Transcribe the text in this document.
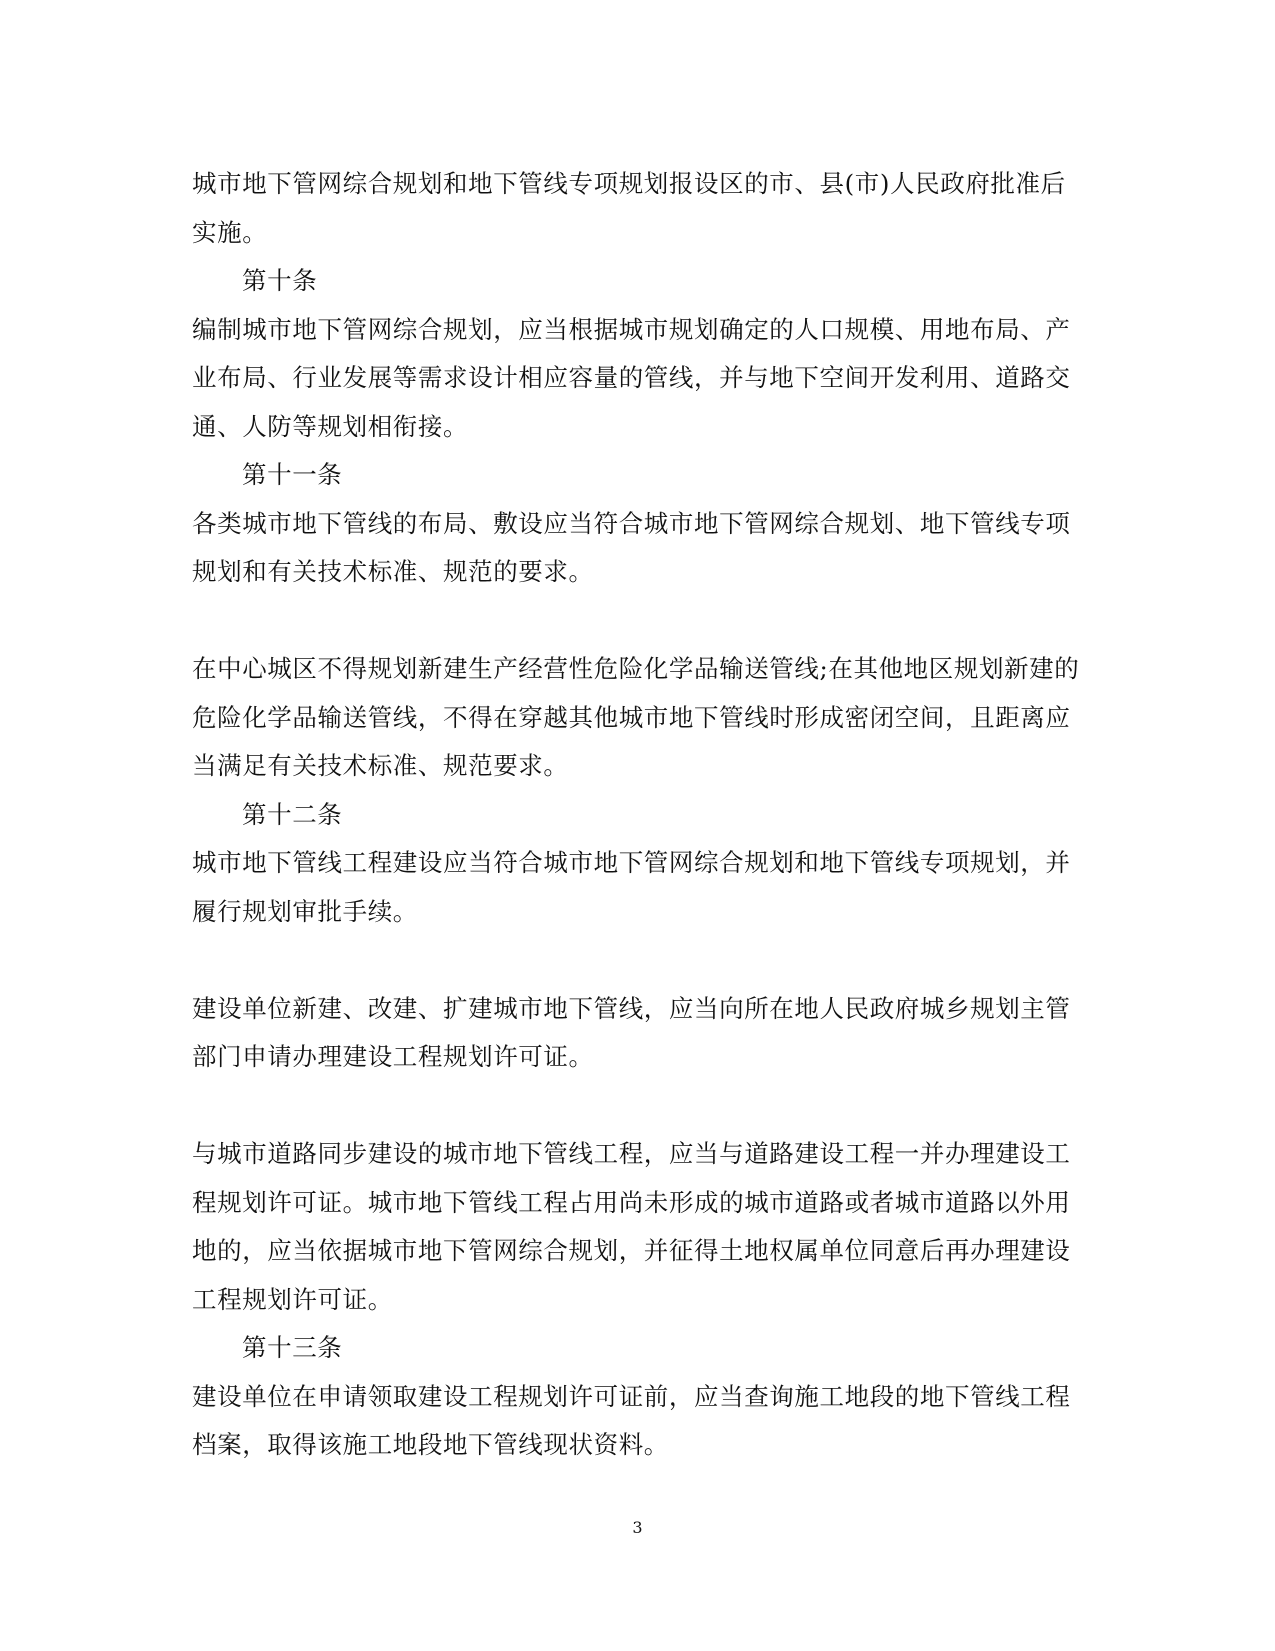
城市地下管网综合规划和地下管线专项规划报设区的市、县(市)人民政府批准后
实施。
第十条
编制城市地下管网综合规划，应当根据城市规划确定的人口规模、用地布局、产
业布局、行业发展等需求设计相应容量的管线，并与地下空间开发利用、道路交
通、人防等规划相衔接。
第十一条
各类城市地下管线的布局、敷设应当符合城市地下管网综合规划、地下管线专项
规划和有关技术标准、规范的要求。
在中心城区不得规划新建生产经营性危险化学品输送管线;在其他地区规划新建的
危险化学品输送管线，不得在穿越其他城市地下管线时形成密闭空间，且距离应
当满足有关技术标准、规范要求。
第十二条
城市地下管线工程建设应当符合城市地下管网综合规划和地下管线专项规划，并
履行规划审批手续。
建设单位新建、改建、扩建城市地下管线，应当向所在地人民政府城乡规划主管
部门申请办理建设工程规划许可证。
与城市道路同步建设的城市地下管线工程，应当与道路建设工程一并办理建设工
程规划许可证。城市地下管线工程占用尚未形成的城市道路或者城市道路以外用
地的，应当依据城市地下管网综合规划，并征得土地权属单位同意后再办理建设
工程规划许可证。
第十三条
建设单位在申请领取建设工程规划许可证前，应当查询施工地段的地下管线工程
档案，取得该施工地段地下管线现状资料。
3
